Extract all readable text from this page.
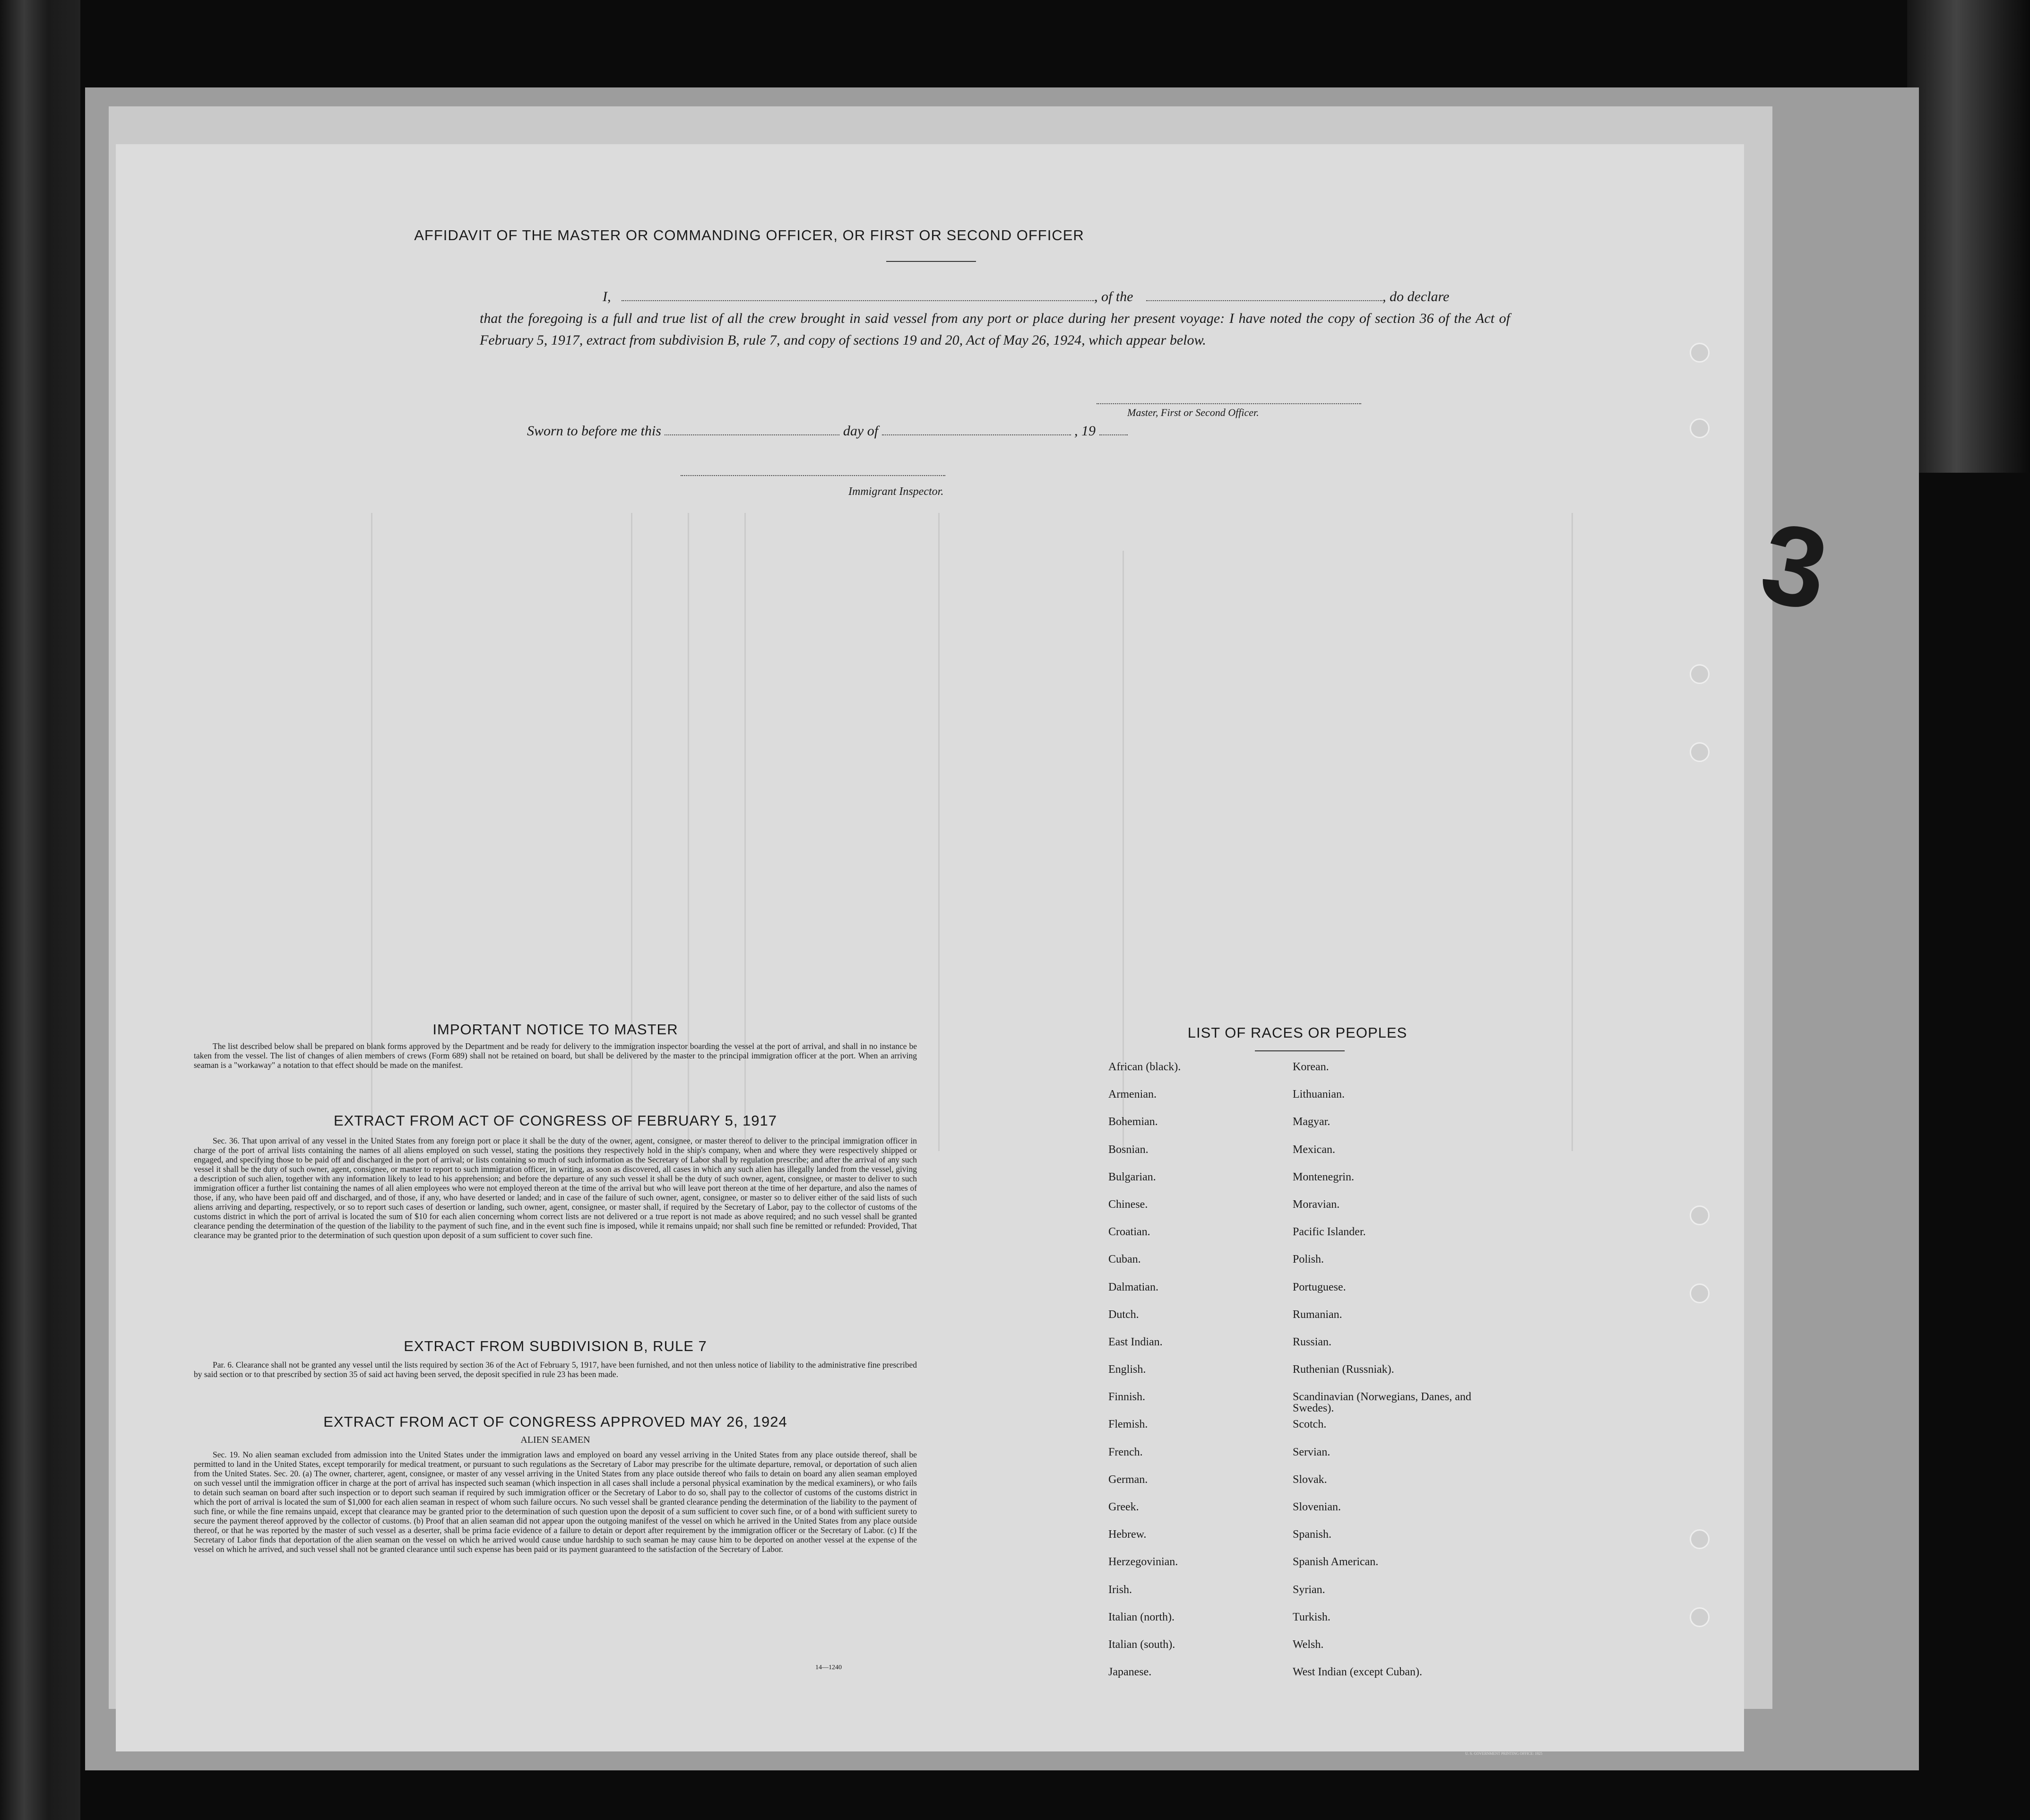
3
AFFIDAVIT OF THE MASTER OR COMMANDING OFFICER, OR FIRST OR SECOND OFFICER
I,	, of the	, do declare
that the foregoing is a full and true list of all the crew brought in said vessel from any port or place during her present voyage: I have noted the copy of section 36 of the Act of February 5, 1917, extract from subdivision B, rule 7, and copy of sections 19 and 20, Act of May 26, 1924, which appear below.
Master, First or Second Officer.
Sworn to before me this	day of	, 19
Immigrant Inspector.
IMPORTANT NOTICE TO MASTER
The list described below shall be prepared on blank forms approved by the Department and be ready for delivery to the immigration inspector boarding the vessel at the port of arrival, and shall in no instance be taken from the vessel. The list of changes of alien members of crews (Form 689) shall not be retained on board, but shall be delivered by the master to the principal immigration officer at the port. When an arriving seaman is a "workaway" a notation to that effect should be made on the manifest.
EXTRACT FROM ACT OF CONGRESS OF FEBRUARY 5, 1917
Sec. 36. That upon arrival of any vessel in the United States from any foreign port or place it shall be the duty of the owner, agent, consignee, or master thereof to deliver to the principal immigration officer in charge of the port of arrival lists containing the names of all aliens employed on such vessel, stating the positions they respectively hold in the ship's company, when and where they were respectively shipped or engaged, and specifying those to be paid off and discharged in the port of arrival; or lists containing so much of such information as the Secretary of Labor shall by regulation prescribe; and after the arrival of any such vessel it shall be the duty of such owner, agent, consignee, or master to report to such immigration officer, in writing, as soon as discovered, all cases in which any such alien has illegally landed from the vessel, giving a description of such alien, together with any information likely to lead to his apprehension; and before the departure of any such vessel it shall be the duty of such owner, agent, consignee, or master to deliver to such immigration officer a further list containing the names of all alien employees who were not employed thereon at the time of the arrival but who will leave port thereon at the time of her departure, and also the names of those, if any, who have been paid off and discharged, and of those, if any, who have deserted or landed; and in case of the failure of such owner, agent, consignee, or master so to deliver either of the said lists of such aliens arriving and departing, respectively, or so to report such cases of desertion or landing, such owner, agent, consignee, or master shall, if required by the Secretary of Labor, pay to the collector of customs of the customs district in which the port of arrival is located the sum of $10 for each alien concerning whom correct lists are not delivered or a true report is not made as above required; and no such vessel shall be granted clearance pending the determination of the question of the liability to the payment of such fine, and in the event such fine is imposed, while it remains unpaid; nor shall such fine be remitted or refunded: Provided, That clearance may be granted prior to the determination of such question upon deposit of a sum sufficient to cover such fine.
EXTRACT FROM SUBDIVISION B, RULE 7
Par. 6. Clearance shall not be granted any vessel until the lists required by section 36 of the Act of February 5, 1917, have been furnished, and not then unless notice of liability to the administrative fine prescribed by said section or to that prescribed by section 35 of said act having been served, the deposit specified in rule 23 has been made.
EXTRACT FROM ACT OF CONGRESS APPROVED MAY 26, 1924
ALIEN SEAMEN
Sec. 19. No alien seaman excluded from admission into the United States under the immigration laws and employed on board any vessel arriving in the United States from any place outside thereof, shall be permitted to land in the United States, except temporarily for medical treatment, or pursuant to such regulations as the Secretary of Labor may prescribe for the ultimate departure, removal, or deportation of such alien from the United States. Sec. 20. (a) The owner, charterer, agent, consignee, or master of any vessel arriving in the United States from any place outside thereof who fails to detain on board any alien seaman employed on such vessel until the immigration officer in charge at the port of arrival has inspected such seaman (which inspection in all cases shall include a personal physical examination by the medical examiners), or who fails to detain such seaman on board after such inspection or to deport such seaman if required by such immigration officer or the Secretary of Labor to do so, shall pay to the collector of customs of the customs district in which the port of arrival is located the sum of $1,000 for each alien seaman in respect of whom such failure occurs. No such vessel shall be granted clearance pending the determination of the liability to the payment of such fine, or while the fine remains unpaid, except that clearance may be granted prior to the determination of such question upon the deposit of a sum sufficient to cover such fine, or of a bond with sufficient surety to secure the payment thereof approved by the collector of customs. (b) Proof that an alien seaman did not appear upon the outgoing manifest of the vessel on which he arrived in the United States from any place outside thereof, or that he was reported by the master of such vessel as a deserter, shall be prima facie evidence of a failure to detain or deport after requirement by the immigration officer or the Secretary of Labor. (c) If the Secretary of Labor finds that deportation of the alien seaman on the vessel on which he arrived would cause undue hardship to such seaman he may cause him to be deported on another vessel at the expense of the vessel on which he arrived, and such vessel shall not be granted clearance until such expense has been paid or its payment guaranteed to the satisfaction of the Secretary of Labor.
14—1240
LIST OF RACES OR PEOPLES
African (black).	Korean.
Armenian.	Lithuanian.
Bohemian.	Magyar.
Bosnian.	Mexican.
Bulgarian.	Montenegrin.
Chinese.	Moravian.
Croatian.	Pacific Islander.
Cuban.	Polish.
Dalmatian.	Portuguese.
Dutch.	Rumanian.
East Indian.	Russian.
English.	Ruthenian (Russniak).
Finnish.	Scandinavian (Norwegians, Danes, and Swedes).
Flemish.	Scotch.
French.	Servian.
German.	Slovak.
Greek.	Slovenian.
Hebrew.	Spanish.
Herzegovinian.	Spanish American.
Irish.	Syrian.
Italian (north).	Turkish.
Italian (south).	Welsh.
Japanese.	West Indian (except Cuban).
U. S. GOVERNMENT PRINTING OFFICE: 1925
